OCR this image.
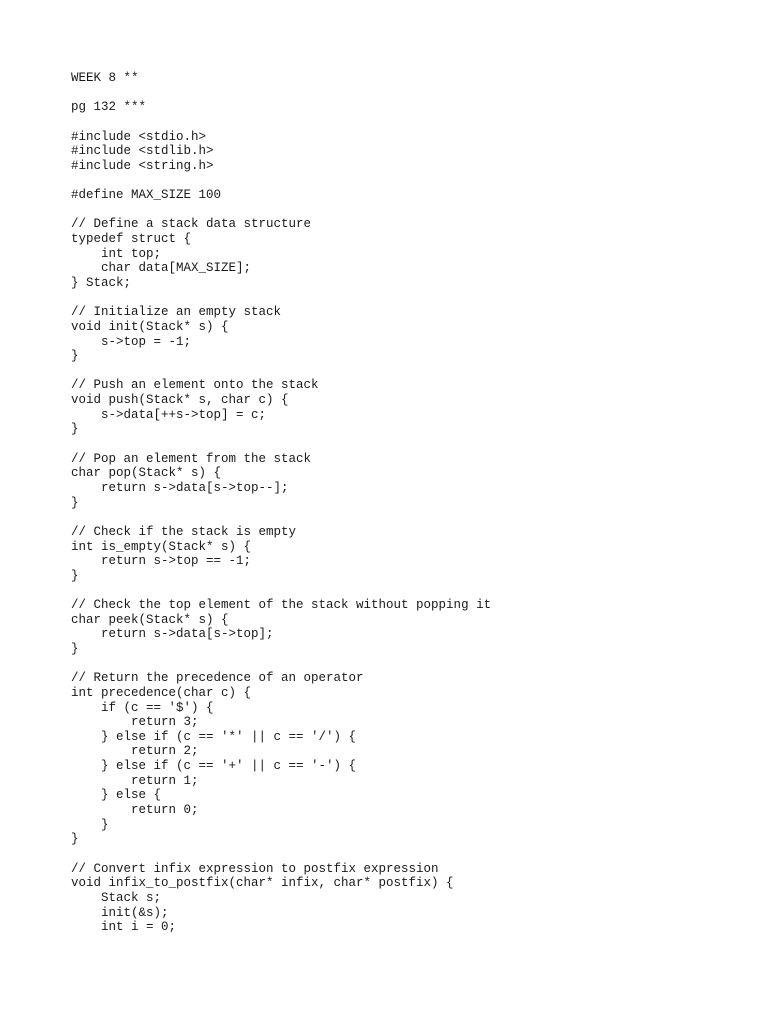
WEEK 8 **
pg 132 ***
#include <stdio.h>
#include <stdlib.h>
#include <string.h>
#define MAX_SIZE 100
// Define a stack data structure
typedef struct {
int top;
char data[MAX_SIZE];
} Stack;
// Initialize an empty stack
void init(Stack* s) {
s->top = -1;
}
// Push an element onto the stack
void push(Stack* s, char c) {
s->data[++s->top] = c;
}
// Pop an element from the stack
char pop(Stack* s) {
return s->data[s->top--];
}
// Check if the stack is empty
int is_empty(Stack* s) {
return s->top == -1;
}
// Check the top element of the stack without popping it
char peek(Stack* s) {
return s->data[s->top];
}
// Return the precedence of an operator
int precedence(char c) {
if (c == '$') {
return 3;
} else if (c == '*' || c == '/') {
return 2;
} else if (c == '+' || c == '-') {
return 1;
} else {
return 0;
}
}
// Convert infix expression to postfix expression
void infix_to_postfix(char* infix, char* postfix) {
Stack s;
init(&s);
int i = 0;
